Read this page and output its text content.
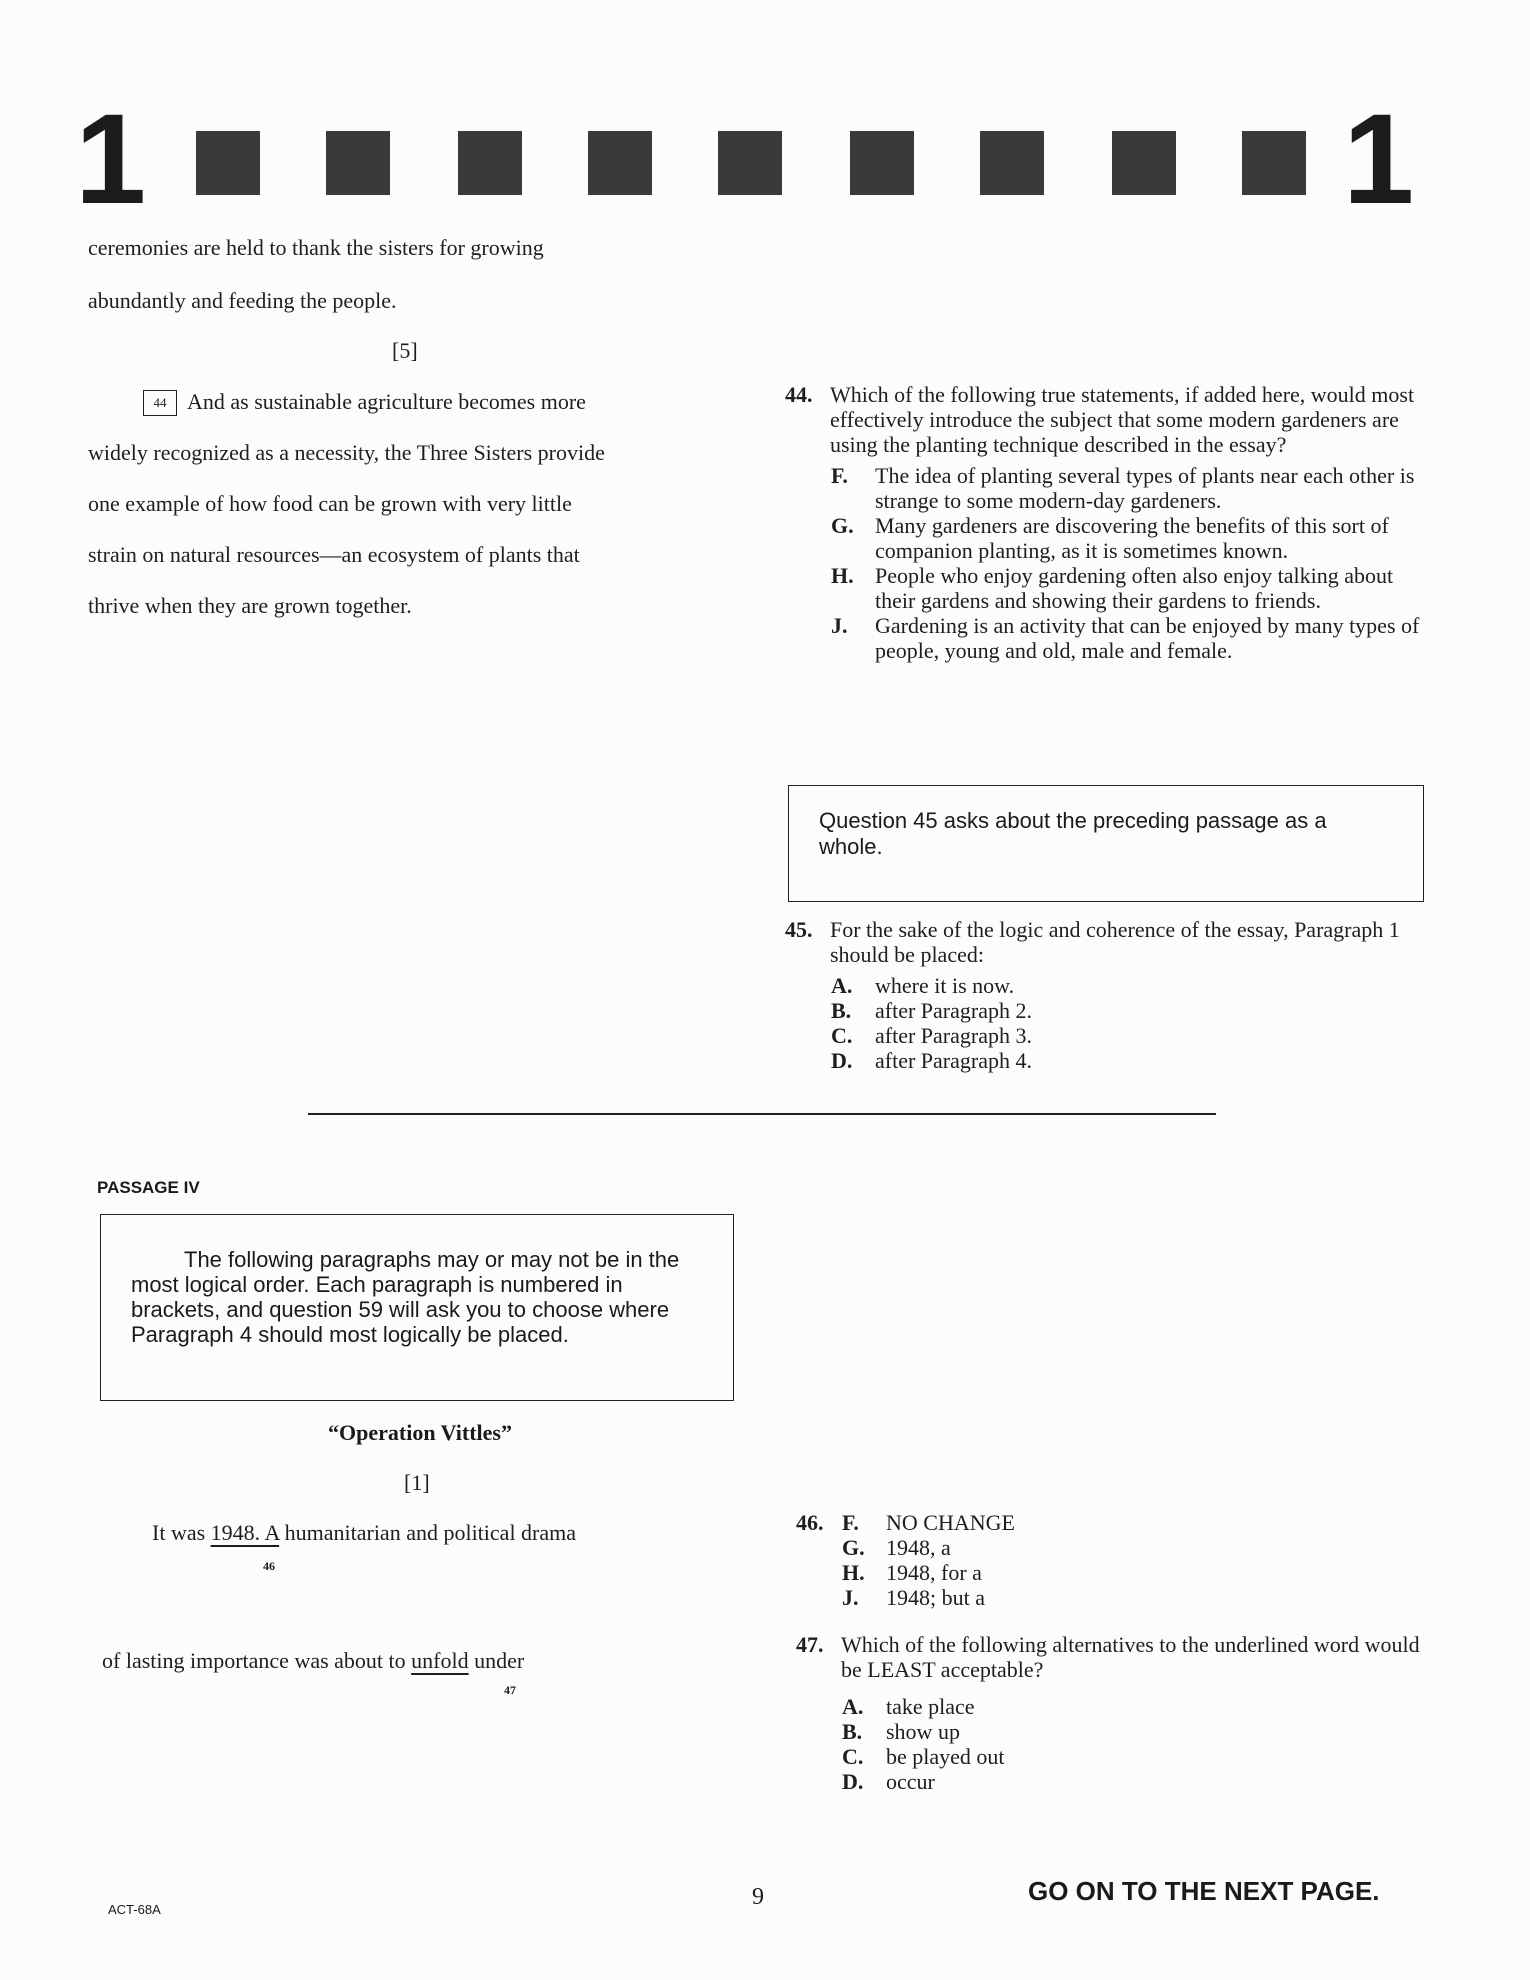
1	1
ceremonies are held to thank the sisters for growing
abundantly and feeding the people.
[5]
44 And as sustainable agriculture becomes more
widely recognized as a necessity, the Three Sisters provide
one example of how food can be grown with very little
strain on natural resources—an ecosystem of plants that
thrive when they are grown together.
44. Which of the following true statements, if added here, would most effectively introduce the subject that some modern gardeners are using the planting technique described in the essay?
F. The idea of planting several types of plants near each other is strange to some modern-day gardeners.
G. Many gardeners are discovering the benefits of this sort of companion planting, as it is sometimes known.
H. People who enjoy gardening often also enjoy talking about their gardens and showing their gardens to friends.
J. Gardening is an activity that can be enjoyed by many types of people, young and old, male and female.
Question 45 asks about the preceding passage as a whole.
45. For the sake of the logic and coherence of the essay, Paragraph 1 should be placed:
A. where it is now.
B. after Paragraph 2.
C. after Paragraph 3.
D. after Paragraph 4.
PASSAGE IV
The following paragraphs may or may not be in the most logical order. Each paragraph is numbered in brackets, and question 59 will ask you to choose where Paragraph 4 should most logically be placed.
“Operation Vittles”
[1]
It was 1948. A humanitarian and political drama
46
of lasting importance was about to unfold under
47
46. F. NO CHANGE
G. 1948, a
H. 1948, for a
J. 1948; but a
47. Which of the following alternatives to the underlined word would be LEAST acceptable?
A. take place
B. show up
C. be played out
D. occur
ACT-68A	9	GO ON TO THE NEXT PAGE.
